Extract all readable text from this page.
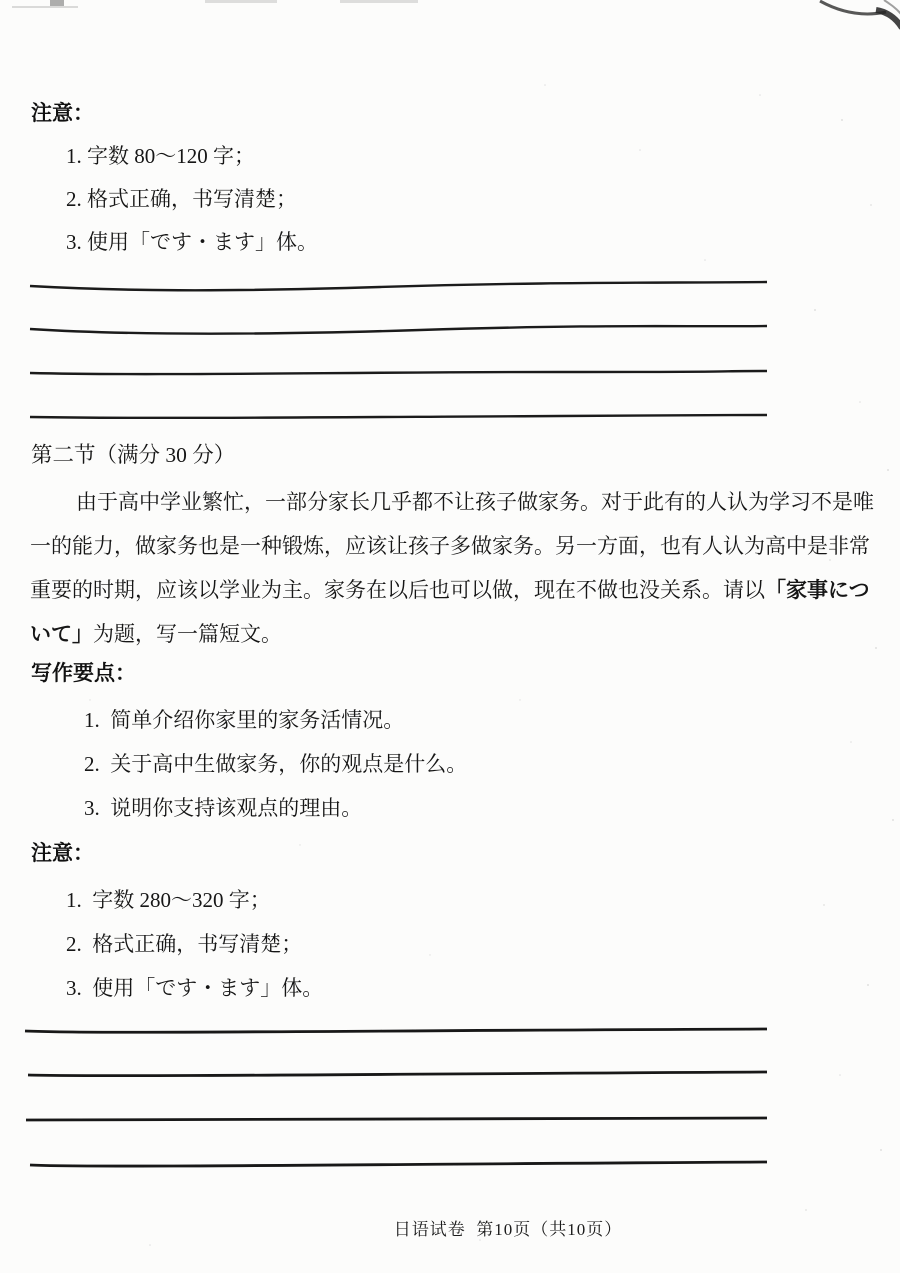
注意：
1. 字数 80～120 字；
2. 格式正确，书写清楚；
3. 使用「です・ます」体。
第二节（满分 30 分）
由于高中学业繁忙，一部分家长几乎都不让孩子做家务。对于此有的人认为学习不是唯
一的能力，做家务也是一种锻炼，应该让孩子多做家务。另一方面，也有人认为高中是非常
重要的时期，应该以学业为主。家务在以后也可以做，现在不做也没关系。请以「家事につ
いて」为题，写一篇短文。
写作要点：
1.  简单介绍你家里的家务活情况。
2.  关于高中生做家务，你的观点是什么。
3.  说明你支持该观点的理由。
注意：
1.  字数 280～320 字；
2.  格式正确，书写清楚；
3.  使用「です・ます」体。
日语试卷  第10页（共10页）
